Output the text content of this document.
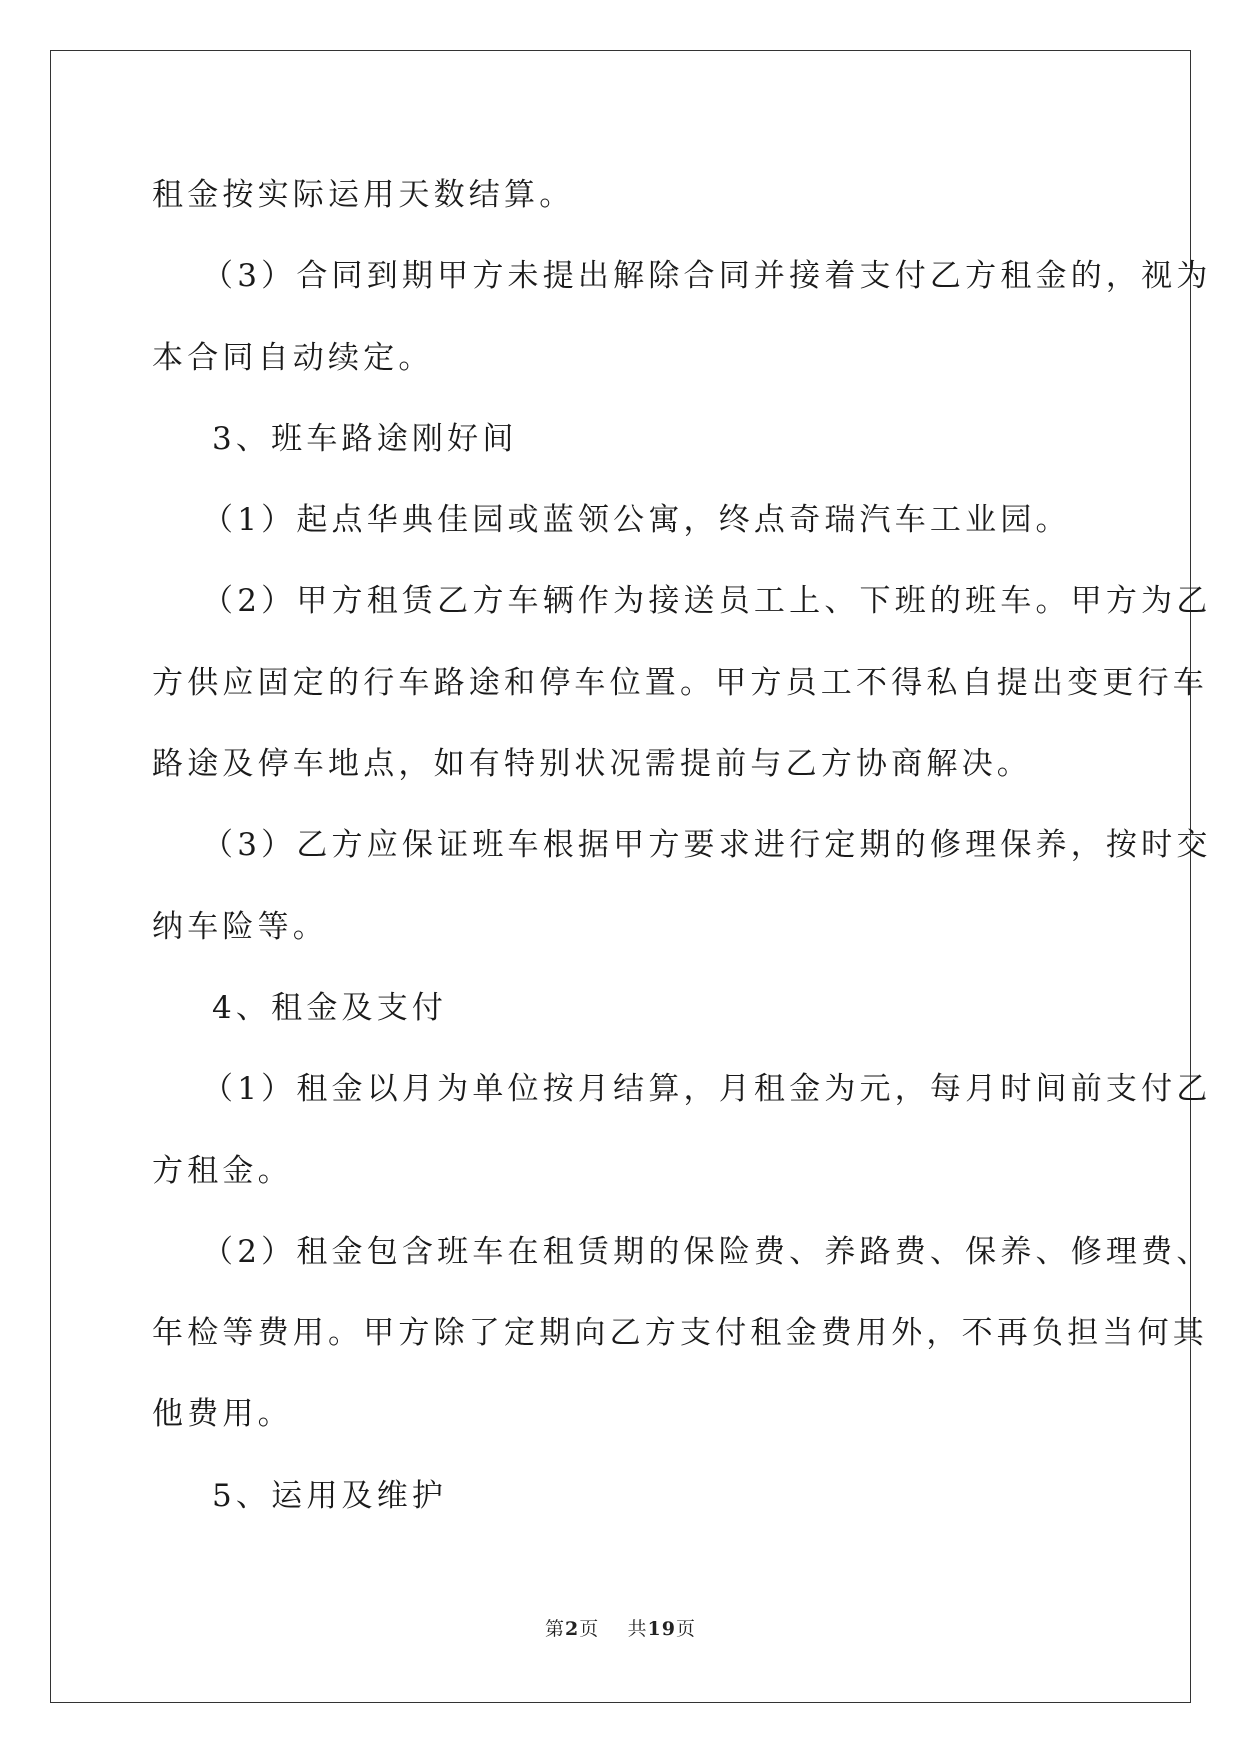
租金按实际运用天数结算。
（3）合同到期甲方未提出解除合同并接着支付乙方租金的，视为
本合同自动续定。
3、班车路途刚好间
（1）起点华典佳园或蓝领公寓，终点奇瑞汽车工业园。
（2）甲方租赁乙方车辆作为接送员工上、下班的班车。甲方为乙
方供应固定的行车路途和停车位置。甲方员工不得私自提出变更行车
路途及停车地点，如有特别状况需提前与乙方协商解决。
（3）乙方应保证班车根据甲方要求进行定期的修理保养，按时交
纳车险等。
4、租金及支付
（1）租金以月为单位按月结算，月租金为元，每月时间前支付乙
方租金。
（2）租金包含班车在租赁期的保险费、养路费、保养、修理费、
年检等费用。甲方除了定期向乙方支付租金费用外，不再负担当何其
他费用。
5、运用及维护
第2页 共19页
